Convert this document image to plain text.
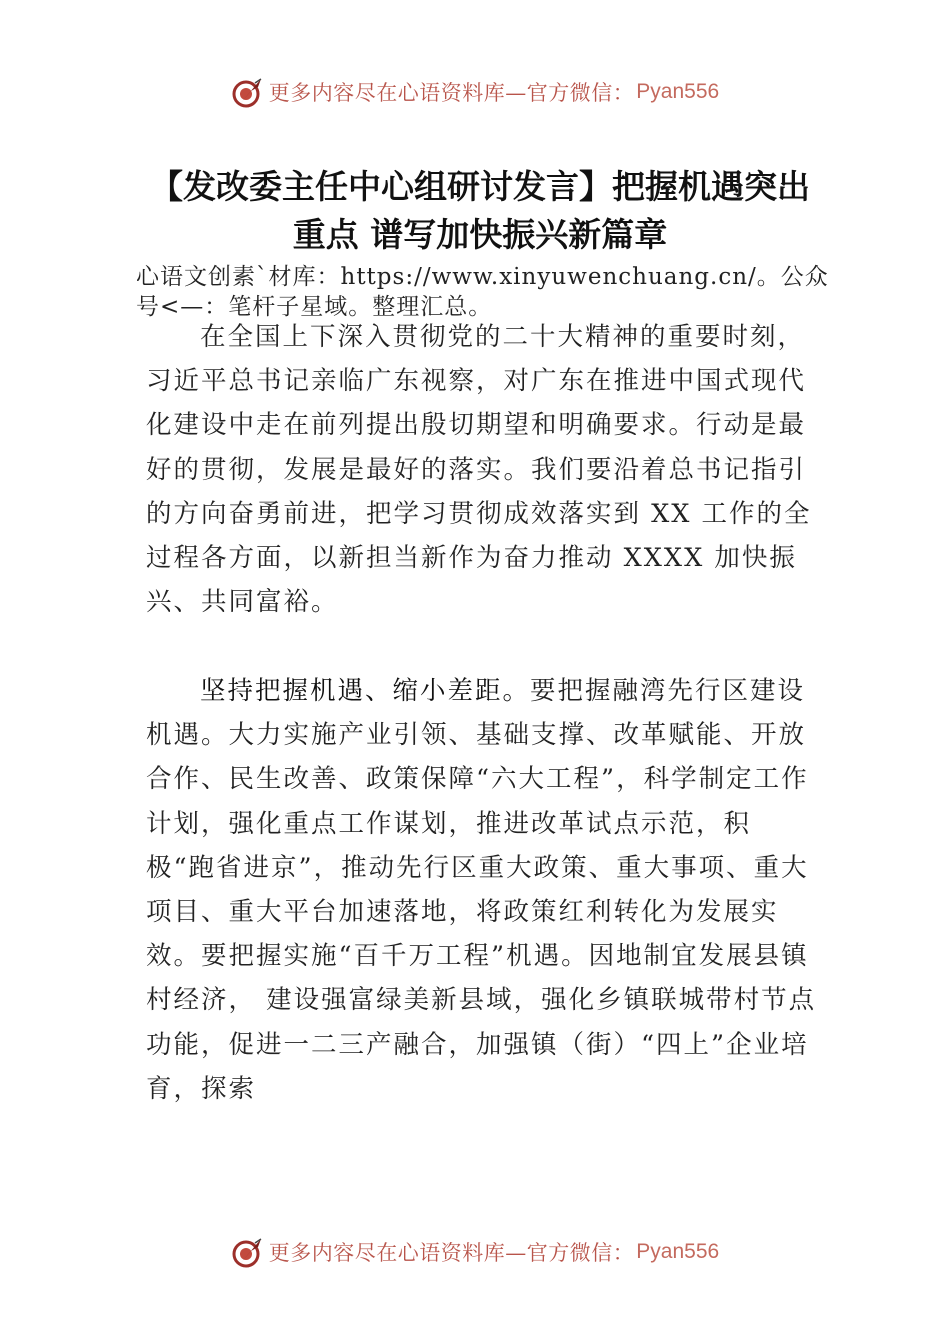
更多内容尽在心语资料库—官方微信： Pyan556
【发改委主任中心组研讨发言】把握机遇突出重点 谱写加快振兴新篇章

心语文创素`材库：https://www.xinyuwenchuang.cn/。公众号<—：笔杆子星域。整理汇总。

在全国上下深入贯彻党的二十大精神的重要时刻，习近平总书记亲临广东视察，对广东在推进中国式现代化建设中走在前列提出殷切期望和明确要求。行动是最好的贯彻，发展是最好的落实。我们要沿着总书记指引的方向奋勇前进，把学习贯彻成效落实到 XX 工作的全过程各方面，以新担当新作为奋力推动 XXXX 加快振兴、共同富裕。

坚持把握机遇、缩小差距。要把握融湾先行区建设机遇。大力实施产业引领、基础支撑、改革赋能、开放合作、民生改善、政策保障“六大工程”，科学制定工作计划，强化重点工作谋划，推进改革试点示范，积极“跑省进京”，推动先行区重大政策、重大事项、重大项目、重大平台加速落地，将政策红利转化为发展实效。要把握实施“百千万工程”机遇。因地制宜发展县镇村经济， 建设强富绿美新县域，强化乡镇联城带村节点功能，促进一二三产融合，加强镇（街）“四上”企业培育，探索

更多内容尽在心语资料库—官方微信： Pyan556
